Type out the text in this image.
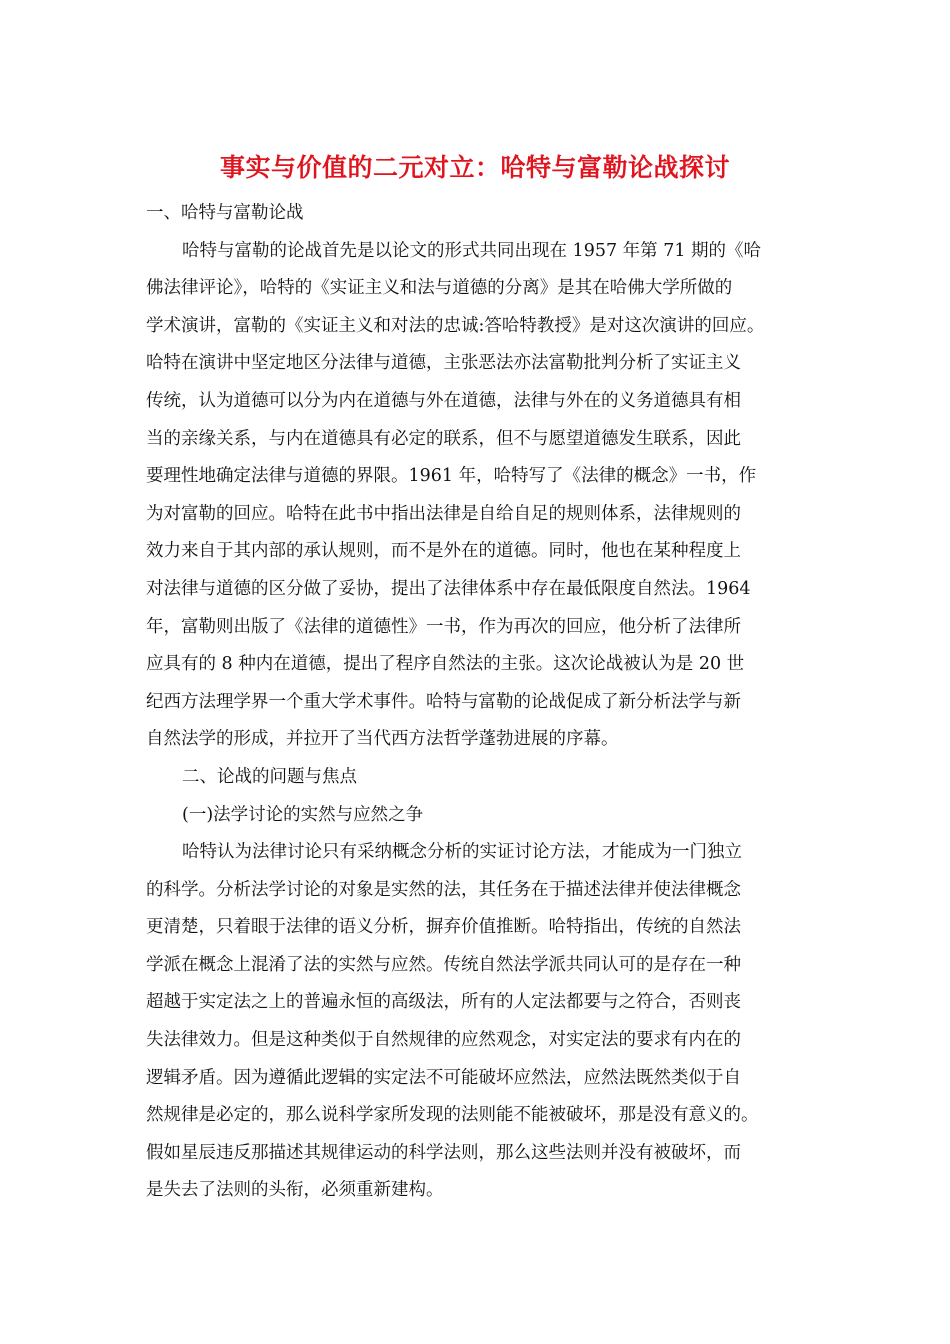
事实与价值的二元对立：哈特与富勒论战探讨
一、哈特与富勒论战
哈特与富勒的论战首先是以论文的形式共同出现在 1957 年第 71 期的《哈
佛法律评论》，哈特的《实证主义和法与道德的分离》是其在哈佛大学所做的
学术演讲，富勒的《实证主义和对法的忠诚:答哈特教授》是对这次演讲的回应。
哈特在演讲中坚定地区分法律与道德，主张恶法亦法富勒批判分析了实证主义
传统，认为道德可以分为内在道德与外在道德，法律与外在的义务道德具有相
当的亲缘关系，与内在道德具有必定的联系，但不与愿望道德发生联系，因此
要理性地确定法律与道德的界限。1961 年，哈特写了《法律的概念》一书，作
为对富勒的回应。哈特在此书中指出法律是自给自足的规则体系，法律规则的
效力来自于其内部的承认规则，而不是外在的道德。同时，他也在某种程度上
对法律与道德的区分做了妥协，提出了法律体系中存在最低限度自然法。1964
年，富勒则出版了《法律的道德性》一书，作为再次的回应，他分析了法律所
应具有的 8 种内在道德，提出了程序自然法的主张。这次论战被认为是 20 世
纪西方法理学界一个重大学术事件。哈特与富勒的论战促成了新分析法学与新
自然法学的形成，并拉开了当代西方法哲学蓬勃进展的序幕。
二、论战的问题与焦点
(一)法学讨论的实然与应然之争
哈特认为法律讨论只有采纳概念分析的实证讨论方法，才能成为一门独立
的科学。分析法学讨论的对象是实然的法，其任务在于描述法律并使法律概念
更清楚，只着眼于法律的语义分析，摒弃价值推断。哈特指出，传统的自然法
学派在概念上混淆了法的实然与应然。传统自然法学派共同认可的是存在一种
超越于实定法之上的普遍永恒的高级法，所有的人定法都要与之符合，否则丧
失法律效力。但是这种类似于自然规律的应然观念，对实定法的要求有内在的
逻辑矛盾。因为遵循此逻辑的实定法不可能破坏应然法，应然法既然类似于自
然规律是必定的，那么说科学家所发现的法则能不能被破坏，那是没有意义的。
假如星辰违反那描述其规律运动的科学法则，那么这些法则并没有被破坏，而
是失去了法则的头衔，必须重新建构。
